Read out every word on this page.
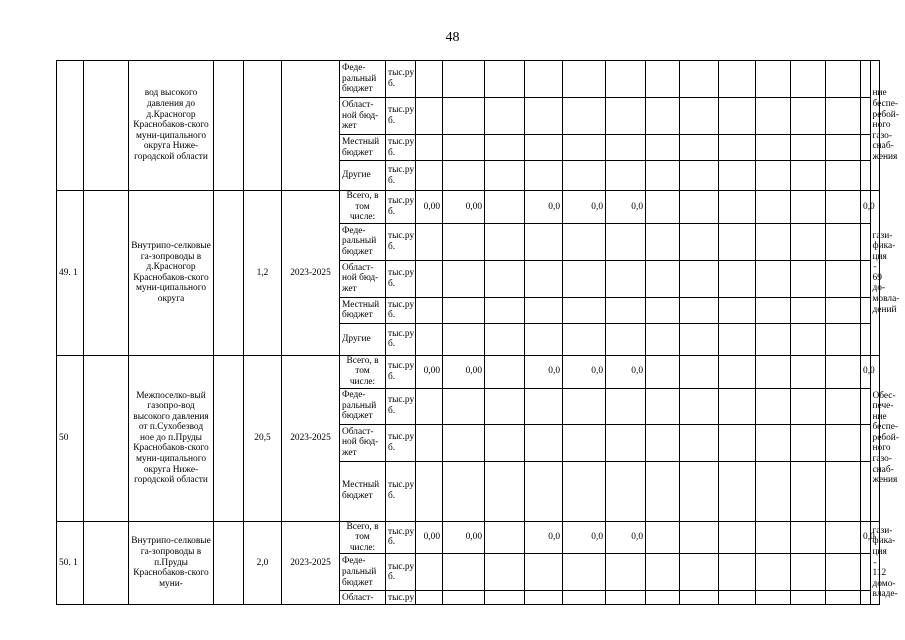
48
		вод высокого давления до д.Красногор Краснобаков-ского муни-ципального округа Ниже-городской области				Феде-ральный бюджет	тыс.ру б.														ние беспе-ребой-ного газо-снаб-жения
						Област-ной бюд-жет	тыс.ру б.														
						Местный бюджет	тыс.ру б.														
						Другие	тыс.ру б.														
49. 1		Внутрипо-селковые га-зопроводы в д.Красногор Краснобаков-ского муни-ципального округа		1,2	2023-2025	Всего, в том числе:	тыс.ру б.	0,00	0,00		0,0	0,0	0,0							0,0	гази-фика-ция - 69 до-мовла-дений
						Феде-ральный бюджет	тыс.ру б.														
						Област-ной бюд-жет	тыс.ру б.														
						Местный бюджет	тыс.ру б.														
						Другие	тыс.ру б.														
50		Межпоселко-вый газопро-вод высокого давления от п.Сухобезвод ное до п.Пруды Краснобаков-ского муни-ципального округа Ниже-городской области		20,5	2023-2025	Всего, в том числе:	тыс.ру б.	0,00	0,00		0,0	0,0	0,0							0,0	Обес-пече-ние беспе-ребой-ного газо-снаб-жения
						Феде-ральный бюджет	тыс.ру б.														
						Област-ной бюд-жет	тыс.ру б.														
						Местный бюджет	тыс.ру б.														
50. 1		Внутрипо-селковые га-зопроводы в п.Пруды Краснобаков-ского муни-		2,0	2023-2025	Всего, в том числе:	тыс.ру б.	0,00	0,00		0,0	0,0	0,0							0,0	гази-фика-ция - 112 домо-владе-
						Феде-ральный бюджет	тыс.ру б.														
						Област-	тыс.ру														
